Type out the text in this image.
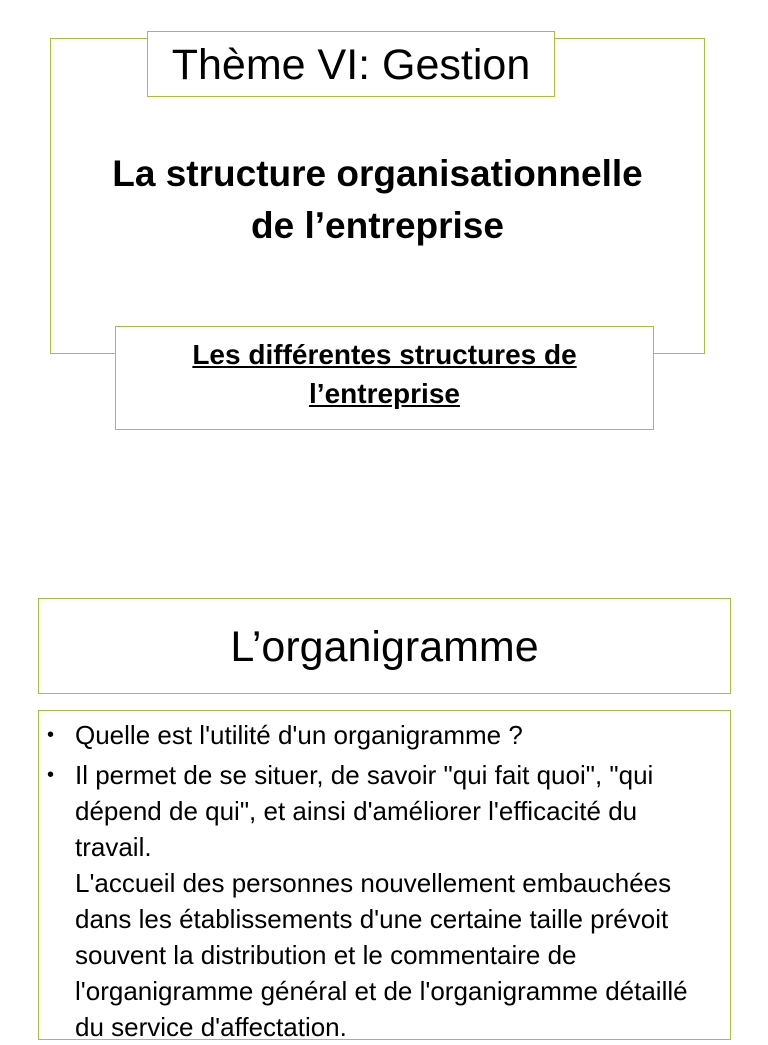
Thème VI: Gestion
La structure organisationnelle
de l’entreprise
Les différentes structures de
l’entreprise
L’organigramme
• Quelle est l'utilité d'un organigramme ?
• Il permet de se situer, de savoir "qui fait quoi", "qui dépend de qui", et ainsi d'améliorer l'efficacité du travail.
L'accueil des personnes nouvellement embauchées dans les établissements d'une certaine taille prévoit souvent la distribution et le commentaire de l'organigramme général et de l'organigramme détaillé du service d'affectation.
